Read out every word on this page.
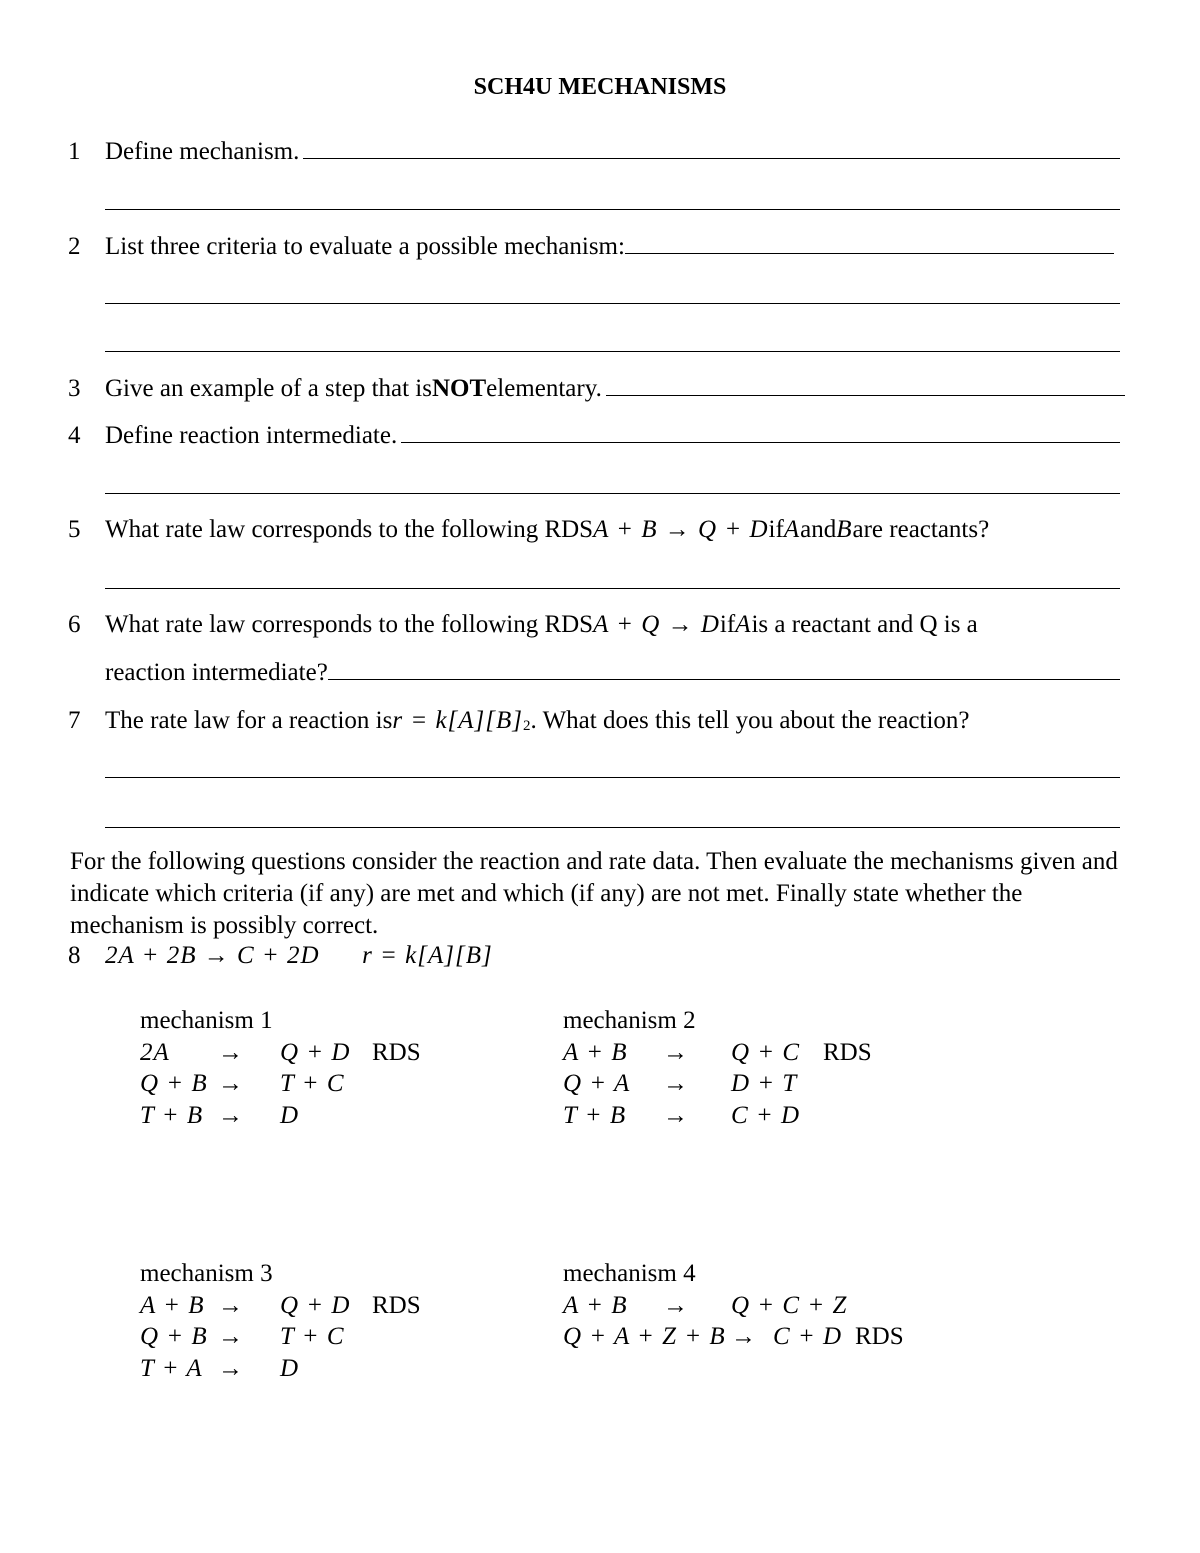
SCH4U MECHANISMS
1 Define mechanism.
2 List three criteria to evaluate a possible mechanism:
3 Give an example of a step that is NOT elementary.
4 Define reaction intermediate.
5 What rate law corresponds to the following RDS A + B → Q + D if A and B are reactants?
6 What rate law corresponds to the following RDS A + Q → D if A is a reactant and Q is a
reaction intermediate?
7 The rate law for a reaction is $r = k[A][B]_2$ . What does this tell you about the reaction?
For the following questions consider the reaction and rate data. Then evaluate the mechanisms given and indicate which criteria (if any) are met and which (if any) are not met. Finally state whether the mechanism is possibly correct.
8 2A + 2B → C + 2D r = k[A][B]
mechanism 1
2A	→	Q + D RDS
Q + B →	T + C
T + B →	D
mechanism 2
A + B	→	Q + C RDS
Q + A	→	D + T
T + B	→	C + D
mechanism 3
A + B →	Q + D RDS
Q + B →	T + C
T + A →	D
mechanism 4
A + B	→	Q + C + Z
Q + A + Z + B → C + D RDS
